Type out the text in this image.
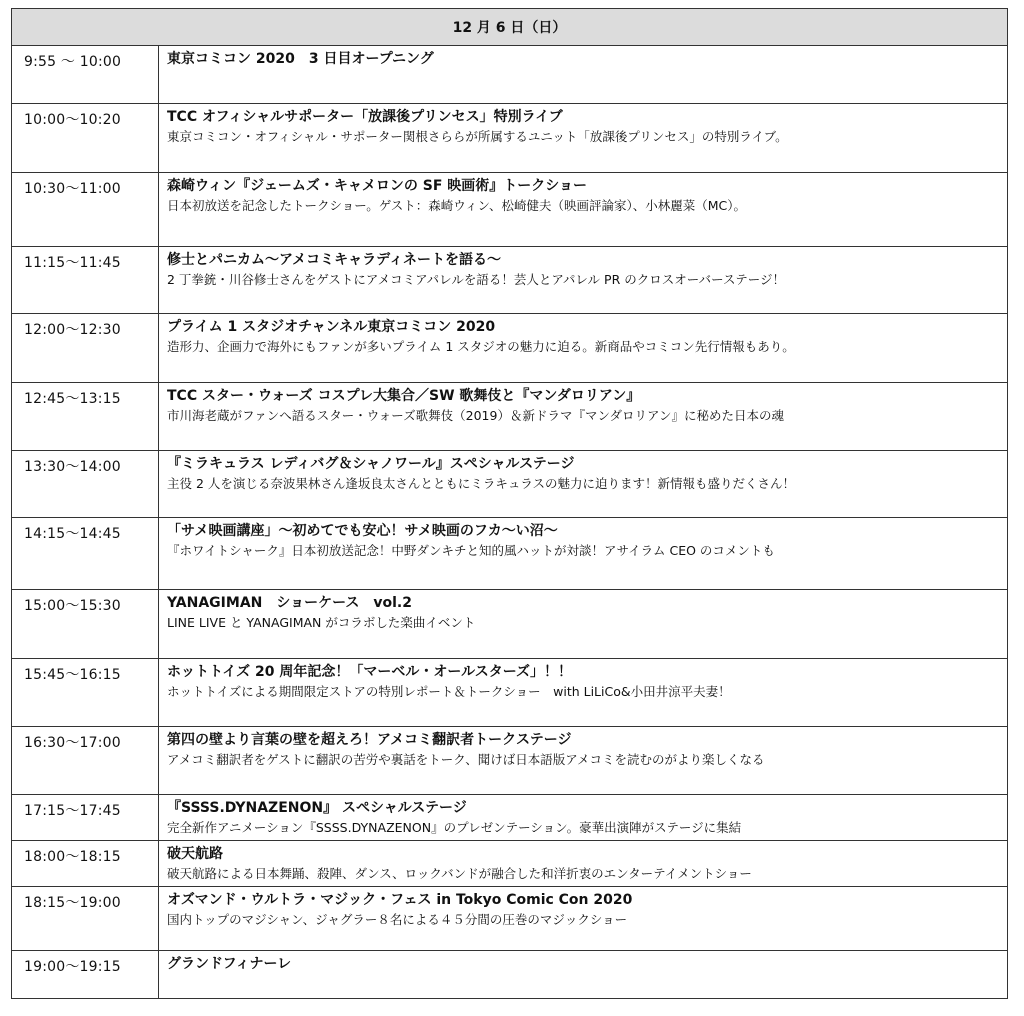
12 月 6 日（日）	
9:55 ～ 10:00	東京コミコン 2020　3 日目オープニング

10:00～10:20	TCC オフィシャルサポーター「放課後プリンセス」特別ライブ
東京コミコン・オフィシャル・サポーター関根さららが所属するユニット「放課後プリンセス」の特別ライブ。

10:30～11:00	森崎ウィン『ジェームズ・キャメロンの SF 映画術』トークショー
日本初放送を記念したトークショー。ゲスト：森崎ウィン、松崎健夫（映画評論家）、小林麗菜（MC）。

11:15～11:45	修士とパニカム～アメコミキャラディネートを語る～
2 丁拳銃・川谷修士さんをゲストにアメコミアパレルを語る！芸人とアパレル PR のクロスオーバーステージ！

12:00～12:30	プライム 1 スタジオチャンネル東京コミコン 2020
造形力、企画力で海外にもファンが多いプライム 1 スタジオの魅力に迫る。新商品やコミコン先行情報もあり。

12:45～13:15	TCC スター・ウォーズ コスプレ大集合／SW 歌舞伎と『マンダロリアン』
市川海老蔵がファンへ語るスター・ウォーズ歌舞伎（2019）＆新ドラマ『マンダロリアン』に秘めた日本の魂

13:30～14:00	『ミラキュラス レディバグ＆シャノワール』スペシャルステージ
主役 2 人を演じる奈波果林さん逢坂良太さんとともにミラキュラスの魅力に迫ります！新情報も盛りだくさん！

14:15～14:45	「サメ映画講座」～初めてでも安心！サメ映画のフカ～い沼～
『ホワイトシャーク』日本初放送記念！中野ダンキチと知的風ハットが対談！アサイラム CEO のコメントも

15:00～15:30	YANAGIMAN　ショーケース　vol.2
LINE LIVE と YANAGIMAN がコラボした楽曲イベント

15:45～16:15	ホットトイズ 20 周年記念！「マーベル・オールスターズ」！！
ホットトイズによる期間限定ストアの特別レポート＆トークショー　with LiLiCo&小田井涼平夫妻！

16:30～17:00	第四の壁より言葉の壁を超えろ！アメコミ翻訳者トークステージ
アメコミ翻訳者をゲストに翻訳の苦労や裏話をトーク、聞けば日本語版アメコミを読むのがより楽しくなる

17:15～17:45	『SSSS.DYNAZENON』 スペシャルステージ
完全新作アニメーション『SSSS.DYNAZENON』のプレゼンテーション。豪華出演陣がステージに集結

18:00～18:15	破天航路
破天航路による日本舞踊、殺陣、ダンス、ロックバンドが融合した和洋折衷のエンターテイメントショー

18:15～19:00	オズマンド・ウルトラ・マジック・フェス in Tokyo Comic Con 2020
国内トップのマジシャン、ジャグラー８名による４５分間の圧巻のマジックショー

19:00～19:15	グランドフィナーレ
